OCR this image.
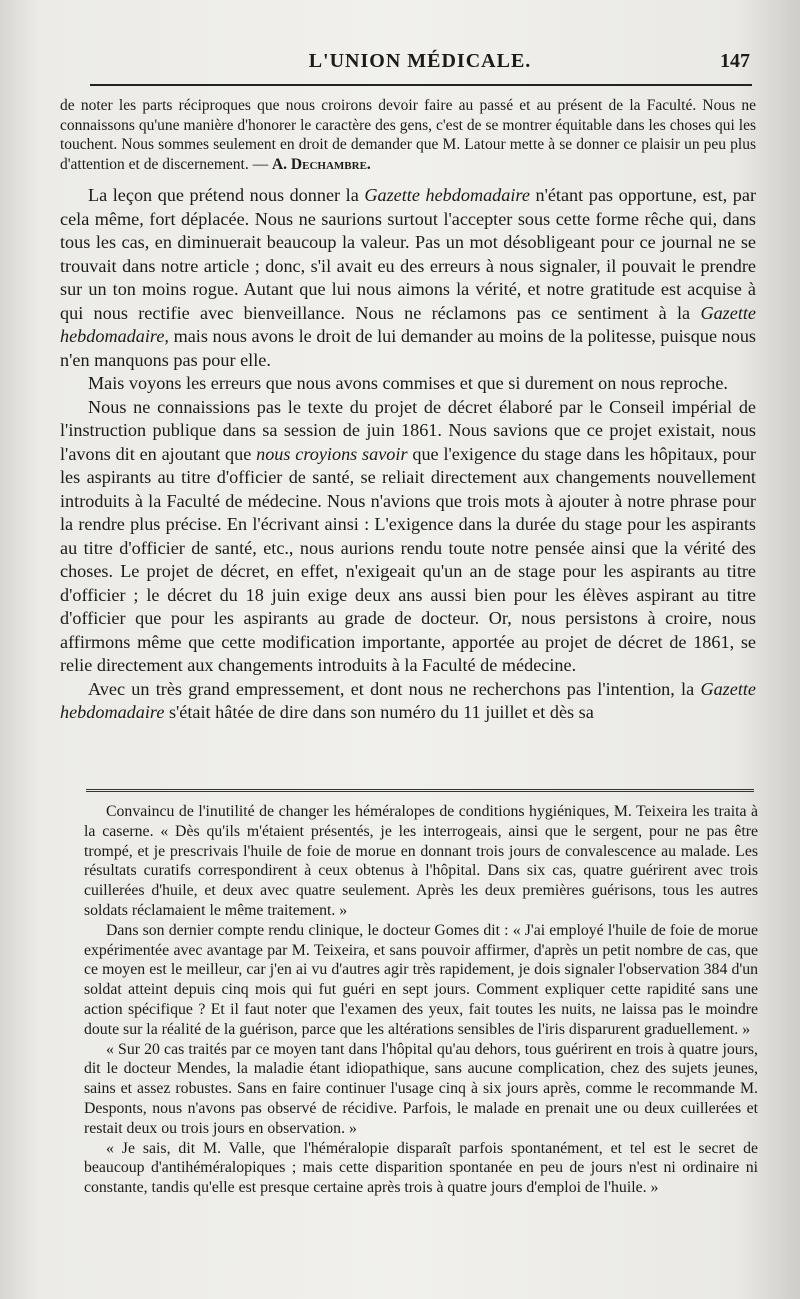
L'UNION MÉDICALE.	147

de noter les parts réciproques que nous croirons devoir faire au passé et au présent de la Faculté. Nous ne connaissons qu'une manière d'honorer le caractère des gens, c'est de se montrer équitable dans les choses qui les touchent. Nous sommes seulement en droit de demander que M. Latour mette à se donner ce plaisir un peu plus d'attention et de discernement. — A. Dechambre.

La leçon que prétend nous donner la Gazette hebdomadaire n'étant pas opportune, est, par cela même, fort déplacée. Nous ne saurions surtout l'accepter sous cette forme rêche qui, dans tous les cas, en diminuerait beaucoup la valeur. Pas un mot désobligeant pour ce journal ne se trouvait dans notre article ; donc, s'il avait eu des erreurs à nous signaler, il pouvait le prendre sur un ton moins rogue. Autant que lui nous aimons la vérité, et notre gratitude est acquise à qui nous rectifie avec bienveillance. Nous ne réclamons pas ce sentiment à la Gazette hebdomadaire, mais nous avons le droit de lui demander au moins de la politesse, puisque nous n'en manquons pas pour elle.

Mais voyons les erreurs que nous avons commises et que si durement on nous reproche.

Nous ne connaissions pas le texte du projet de décret élaboré par le Conseil impérial de l'instruction publique dans sa session de juin 1861. Nous savions que ce projet existait, nous l'avons dit en ajoutant que nous croyions savoir que l'exigence du stage dans les hôpitaux, pour les aspirants au titre d'officier de santé, se reliait directement aux changements nouvellement introduits à la Faculté de médecine. Nous n'avions que trois mots à ajouter à notre phrase pour la rendre plus précise. En l'écrivant ainsi : L'exigence dans la durée du stage pour les aspirants au titre d'officier de santé, etc., nous aurions rendu toute notre pensée ainsi que la vérité des choses. Le projet de décret, en effet, n'exigeait qu'un an de stage pour les aspirants au titre d'officier ; le décret du 18 juin exige deux ans aussi bien pour les élèves aspirant au titre d'officier que pour les aspirants au grade de docteur. Or, nous persistons à croire, nous affirmons même que cette modification importante, apportée au projet de décret de 1861, se relie directement aux changements introduits à la Faculté de médecine.

Avec un très grand empressement, et dont nous ne recherchons pas l'intention, la Gazette hebdomadaire s'était hâtée de dire dans son numéro du 11 juillet et dès sa

Convaincu de l'inutilité de changer les héméralopes de conditions hygiéniques, M. Teixeira les traita à la caserne. « Dès qu'ils m'étaient présentés, je les interrogeais, ainsi que le sergent, pour ne pas être trompé, et je prescrivais l'huile de foie de morue en donnant trois jours de convalescence au malade. Les résultats curatifs correspondirent à ceux obtenus à l'hôpital. Dans six cas, quatre guérirent avec trois cuillerées d'huile, et deux avec quatre seulement. Après les deux premières guérisons, tous les autres soldats réclamaient le même traitement. »

Dans son dernier compte rendu clinique, le docteur Gomes dit : « J'ai employé l'huile de foie de morue expérimentée avec avantage par M. Teixeira, et sans pouvoir affirmer, d'après un petit nombre de cas, que ce moyen est le meilleur, car j'en ai vu d'autres agir très rapidement, je dois signaler l'observation 384 d'un soldat atteint depuis cinq mois qui fut guéri en sept jours. Comment expliquer cette rapidité sans une action spécifique ? Et il faut noter que l'examen des yeux, fait toutes les nuits, ne laissa pas le moindre doute sur la réalité de la guérison, parce que les altérations sensibles de l'iris disparurent graduellement. »

« Sur 20 cas traités par ce moyen tant dans l'hôpital qu'au dehors, tous guérirent en trois à quatre jours, dit le docteur Mendes, la maladie étant idiopathique, sans aucune complication, chez des sujets jeunes, sains et assez robustes. Sans en faire continuer l'usage cinq à six jours après, comme le recommande M. Desponts, nous n'avons pas observé de récidive. Parfois, le malade en prenait une ou deux cuillerées et restait deux ou trois jours en observation. »

« Je sais, dit M. Valle, que l'héméralopie disparaît parfois spontanément, et tel est le secret de beaucoup d'antihéméralopiques ; mais cette disparition spontanée en peu de jours n'est ni ordinaire ni constante, tandis qu'elle est presque certaine après trois à quatre jours d'emploi de l'huile. »
